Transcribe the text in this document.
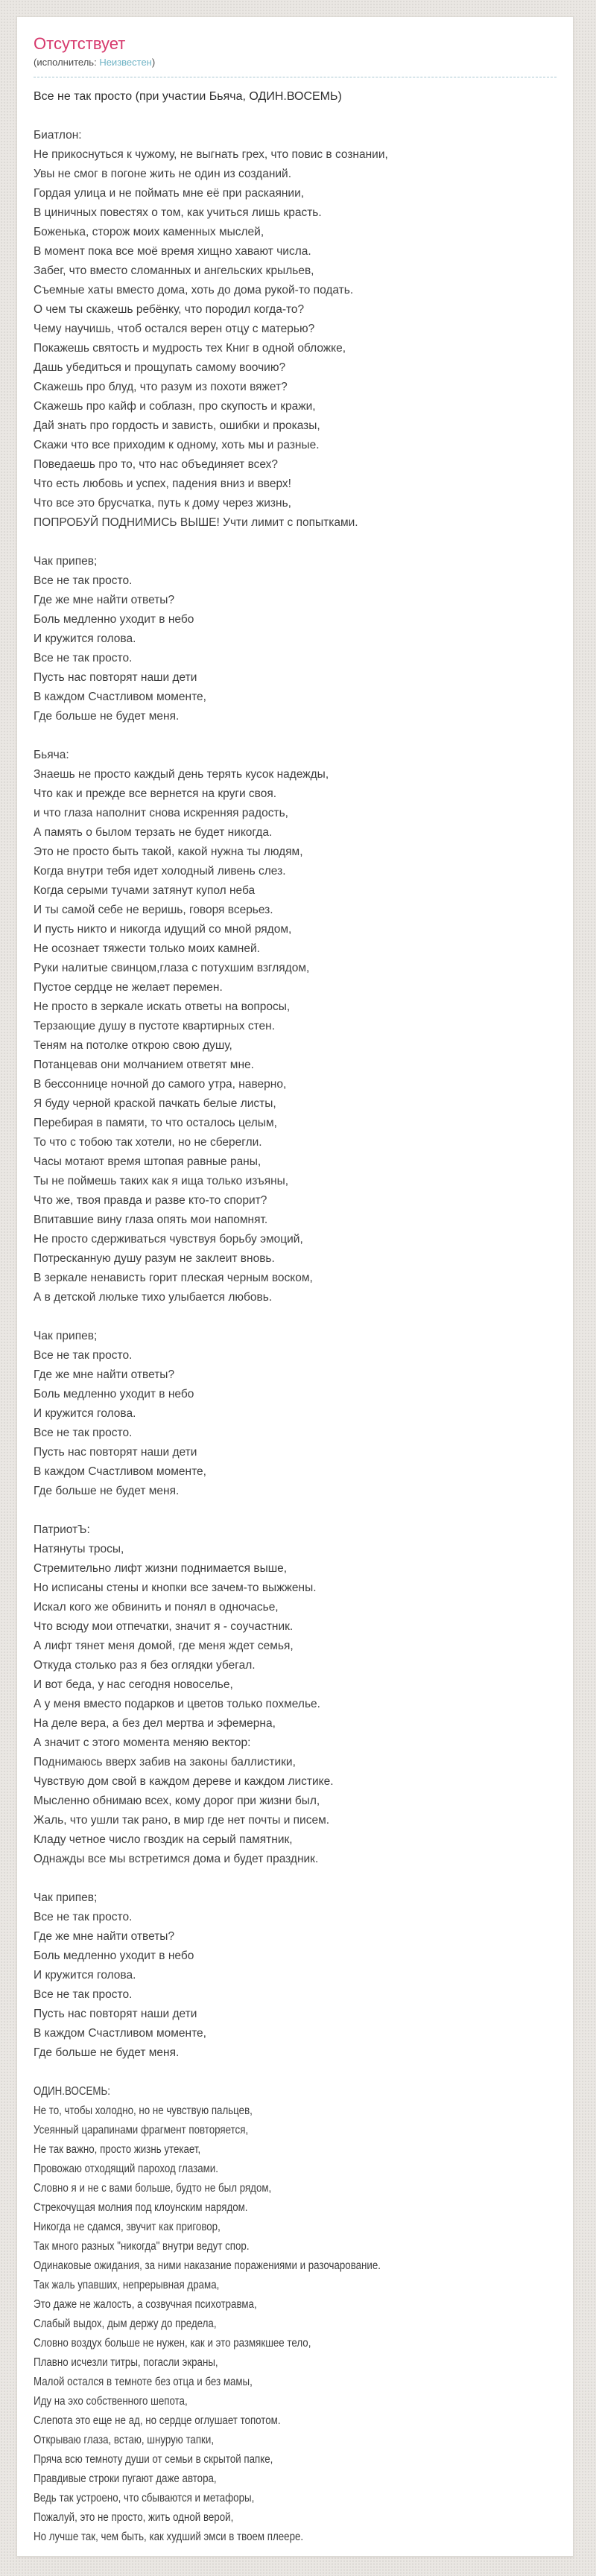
Отсутствует
(исполнитель: Неизвестен)
Все не так просто (при участии Бьяча, ОДИН.ВОСЕМЬ)
Биатлон:
Не прикоснуться к чужому, не выгнать грех, что повис в сознании,
Увы не смог в погоне жить не один из созданий.
Гордая улица и не поймать мне её при раскаянии,
В циничных повестях о том, как учиться лишь красть.
Боженька, сторож моих каменных мыслей,
В момент пока все моё время хищно хавают числа.
Забег, что вместо сломанных и ангельских крыльев,
Съемные хаты вместо дома, хоть до дома рукой-то подать.
О чем ты скажешь ребёнку, что породил когда-то?
Чему научишь, чтоб остался верен отцу с матерью?
Покажешь святость и мудрость тех Книг в одной обложке,
Дашь убедиться и прощупать самому воочию?
Скажешь про блуд, что разум из похоти вяжет?
Скажешь про кайф и соблазн, про скупость и кражи,
Дай знать про гордость и зависть, ошибки и проказы,
Скажи что все приходим к одному, хоть мы и разные.
Поведаешь про то, что нас объединяет всех?
Что есть любовь и успех, падения вниз и вверх!
Что все это брусчатка, путь к дому через жизнь,
ПОПРОБУЙ ПОДНИМИСЬ ВЫШЕ! Учти лимит с попытками.
Чак припев;
Все не так просто.
Где же мне найти ответы?
Боль медленно уходит в небо
И кружится голова.
Все не так просто.
Пусть нас повторят наши дети
В каждом Счастливом моменте,
Где больше не будет меня.
Бьяча:
Знаешь не просто каждый день терять кусок надежды,
Что как и прежде все вернется на круги своя.
и что глаза наполнит снова искренняя радость,
А память о былом терзать не будет никогда.
Это не просто быть такой, какой нужна ты людям,
Когда внутри тебя идет холодный ливень слез.
Когда серыми тучами затянут купол неба
И ты самой себе не веришь, говоря всерьез.
И пусть никто и никогда идущий со мной рядом,
Не осознает тяжести только моих камней.
Руки налитые свинцом,глаза с потухшим взглядом,
Пустое сердце не желает перемен.
Не просто в зеркале искать ответы на вопросы,
Терзающие душу в пустоте квартирных стен.
Теням на потолке открою свою душу,
Потанцевав они молчанием ответят мне.
В бессоннице ночной до самого утра, наверно,
Я буду черной краской пачкать белые листы,
Перебирая в памяти, то что осталось целым,
То что с тобою так хотели, но не сберегли.
Часы мотают время штопая равные раны,
Ты не поймешь таких как я ища только изъяны,
Что же, твоя правда и разве кто-то спорит?
Впитавшие вину глаза опять мои напомнят.
Не просто сдерживаться чувствуя борьбу эмоций,
Потресканную душу разум не заклеит вновь.
В зеркале ненависть горит плеская черным воском,
А в детской люльке тихо улыбается любовь.
Чак припев;
Все не так просто.
Где же мне найти ответы?
Боль медленно уходит в небо
И кружится голова.
Все не так просто.
Пусть нас повторят наши дети
В каждом Счастливом моменте,
Где больше не будет меня.
ПатриотЪ:
Натянуты тросы,
Стремительно лифт жизни поднимается выше,
Но исписаны стены и кнопки все зачем-то выжжены.
Искал кого же обвинить и понял в одночасье,
Что всюду мои отпечатки, значит я - соучастник.
А лифт тянет меня домой, где меня ждет семья,
Откуда столько раз я без оглядки убегал.
И вот беда, у нас сегодня новоселье,
А у меня вместо подарков и цветов только похмелье.
На деле вера, а без дел мертва и эфемерна,
А значит с этого момента меняю вектор:
Поднимаюсь вверх забив на законы баллистики,
Чувствую дом свой в каждом дереве и каждом листике.
Мысленно обнимаю всех, кому дорог при жизни был,
Жаль, что ушли так рано, в мир где нет почты и писем.
Кладу четное число гвоздик на серый памятник,
Однажды все мы встретимся дома и будет праздник.
Чак припев;
Все не так просто.
Где же мне найти ответы?
Боль медленно уходит в небо
И кружится голова.
Все не так просто.
Пусть нас повторят наши дети
В каждом Счастливом моменте,
Где больше не будет меня.
ОДИН.ВОСЕМЬ:
Не то, чтобы холодно, но не чувствую пальцев,
Усеянный царапинами фрагмент повторяется,
Не так важно, просто жизнь утекает,
Провожаю отходящий пароход глазами.
Словно я и не с вами больше, будто не был рядом,
Стрекочущая молния под клоунским нарядом.
Никогда не сдамся, звучит как приговор,
Так много разных "никогда" внутри ведут спор.
Одинаковые ожидания, за ними наказание поражениями и разочарование.
Так жаль упавших, непрерывная драма,
Это даже не жалость, а созвучная психотравма,
Слабый выдох, дым держу до предела,
Словно воздух больше не нужен, как и это размякшее тело,
Плавно исчезли титры, погасли экраны,
Малой остался в темноте без отца и без мамы,
Иду на эхо собственного шепота,
Слепота это еще не ад, но сердце оглушает топотом.
Открываю глаза, встаю, шнурую тапки,
Пряча всю темноту души от семьи в скрытой папке,
Правдивые строки пугают даже автора,
Ведь так устроено, что сбываются и метафоры,
Пожалуй, это не просто, жить одной верой,
Но лучше так, чем быть, как худший эмси в твоем плеере.
